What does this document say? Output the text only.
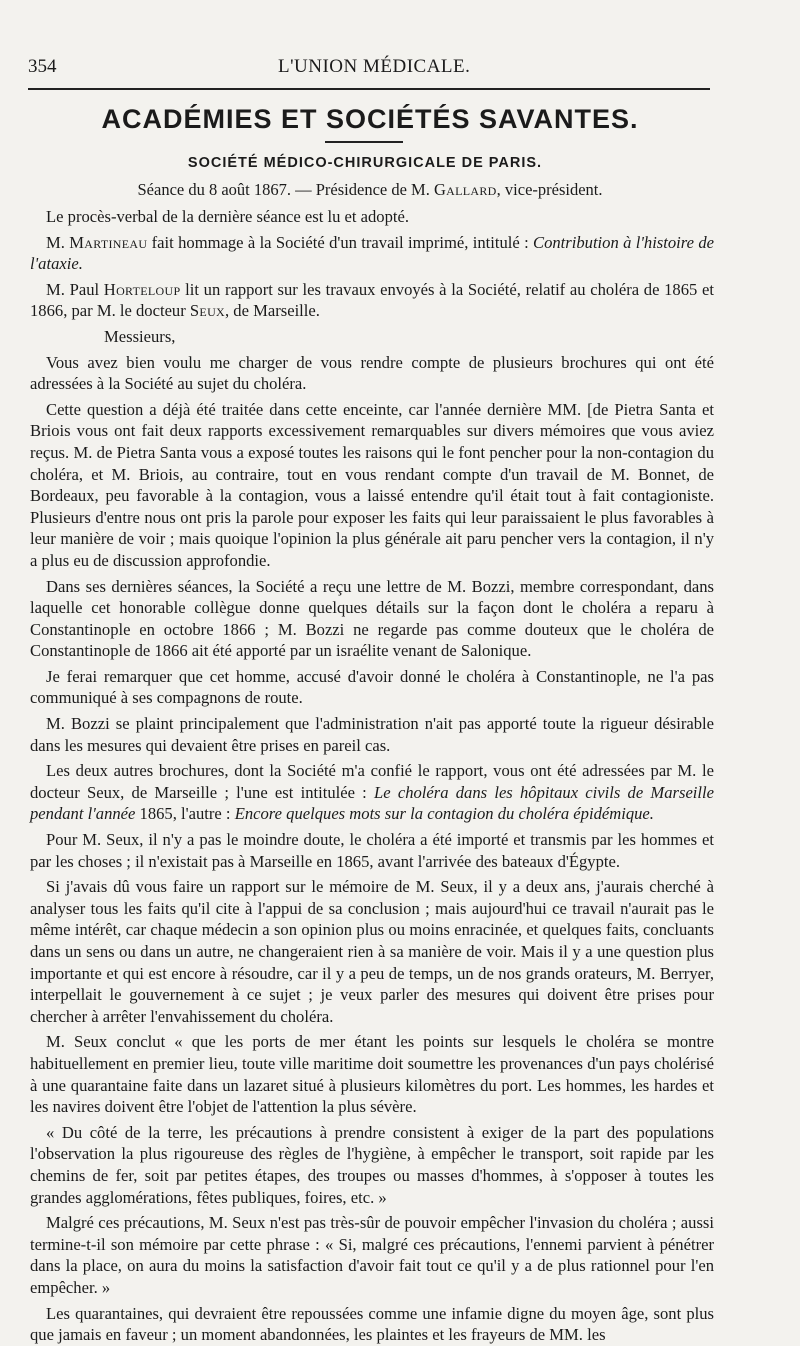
354	L'UNION MÉDICALE.
ACADÉMIES ET SOCIÉTÉS SAVANTES.
SOCIÉTÉ MÉDICO-CHIRURGICALE DE PARIS.
Séance du 8 août 1867. — Présidence de M. Gallard, vice-président.

Le procès-verbal de la dernière séance est lu et adopté.

M. Martineau fait hommage à la Société d'un travail imprimé, intitulé : Contribution à l'histoire de l'ataxie.

M. Paul Horteloup lit un rapport sur les travaux envoyés à la Société, relatif au choléra de 1865 et 1866, par M. le docteur Seux, de Marseille.

Messieurs,

Vous avez bien voulu me charger de vous rendre compte de plusieurs brochures qui ont été adressées à la Société au sujet du choléra.

Cette question a déjà été traitée dans cette enceinte, car l'année dernière MM. [de Pietra Santa et Briois vous ont fait deux rapports excessivement remarquables sur divers mémoires que vous aviez reçus. M. de Pietra Santa vous a exposé toutes les raisons qui le font pencher pour la non-contagion du choléra, et M. Briois, au contraire, tout en vous rendant compte d'un travail de M. Bonnet, de Bordeaux, peu favorable à la contagion, vous a laissé entendre qu'il était tout à fait contagioniste. Plusieurs d'entre nous ont pris la parole pour exposer les faits qui leur paraissaient le plus favorables à leur manière de voir ; mais quoique l'opinion la plus générale ait paru pencher vers la contagion, il n'y a plus eu de discussion approfondie.

Dans ses dernières séances, la Société a reçu une lettre de M. Bozzi, membre correspondant, dans laquelle cet honorable collègue donne quelques détails sur la façon dont le choléra a reparu à Constantinople en octobre 1866 ; M. Bozzi ne regarde pas comme douteux que le choléra de Constantinople de 1866 ait été apporté par un israélite venant de Salonique.

Je ferai remarquer que cet homme, accusé d'avoir donné le choléra à Constantinople, ne l'a pas communiqué à ses compagnons de route.

M. Bozzi se plaint principalement que l'administration n'ait pas apporté toute la rigueur désirable dans les mesures qui devaient être prises en pareil cas.

Les deux autres brochures, dont la Société m'a confié le rapport, vous ont été adressées par M. le docteur Seux, de Marseille ; l'une est intitulée : Le choléra dans les hôpitaux civils de Marseille pendant l'année 1865, l'autre : Encore quelques mots sur la contagion du choléra épidémique.

Pour M. Seux, il n'y a pas le moindre doute, le choléra a été importé et transmis par les hommes et par les choses ; il n'existait pas à Marseille en 1865, avant l'arrivée des bateaux d'Égypte.

Si j'avais dû vous faire un rapport sur le mémoire de M. Seux, il y a deux ans, j'aurais cherché à analyser tous les faits qu'il cite à l'appui de sa conclusion ; mais aujourd'hui ce travail n'aurait pas le même intérêt, car chaque médecin a son opinion plus ou moins enracinée, et quelques faits, concluants dans un sens ou dans un autre, ne changeraient rien à sa manière de voir. Mais il y a une question plus importante et qui est encore à résoudre, car il y a peu de temps, un de nos grands orateurs, M. Berryer, interpellait le gouvernement à ce sujet ; je veux parler des mesures qui doivent être prises pour chercher à arrêter l'envahissement du choléra.

M. Seux conclut « que les ports de mer étant les points sur lesquels le choléra se montre habituellement en premier lieu, toute ville maritime doit soumettre les provenances d'un pays cholérisé à une quarantaine faite dans un lazaret situé à plusieurs kilomètres du port. Les hommes, les hardes et les navires doivent être l'objet de l'attention la plus sévère.

« Du côté de la terre, les précautions à prendre consistent à exiger de la part des populations l'observation la plus rigoureuse des règles de l'hygiène, à empêcher le transport, soit rapide par les chemins de fer, soit par petites étapes, des troupes ou masses d'hommes, à s'opposer à toutes les grandes agglomérations, fêtes publiques, foires, etc. »

Malgré ces précautions, M. Seux n'est pas très-sûr de pouvoir empêcher l'invasion du choléra ; aussi termine-t-il son mémoire par cette phrase : « Si, malgré ces précautions, l'ennemi parvient à pénétrer dans la place, on aura du moins la satisfaction d'avoir fait tout ce qu'il y a de plus rationnel pour l'en empêcher. »

Les quarantaines, qui devraient être repoussées comme une infamie digne du moyen âge, sont plus que jamais en faveur ; un moment abandonnées, les plaintes et les frayeurs de MM. les
